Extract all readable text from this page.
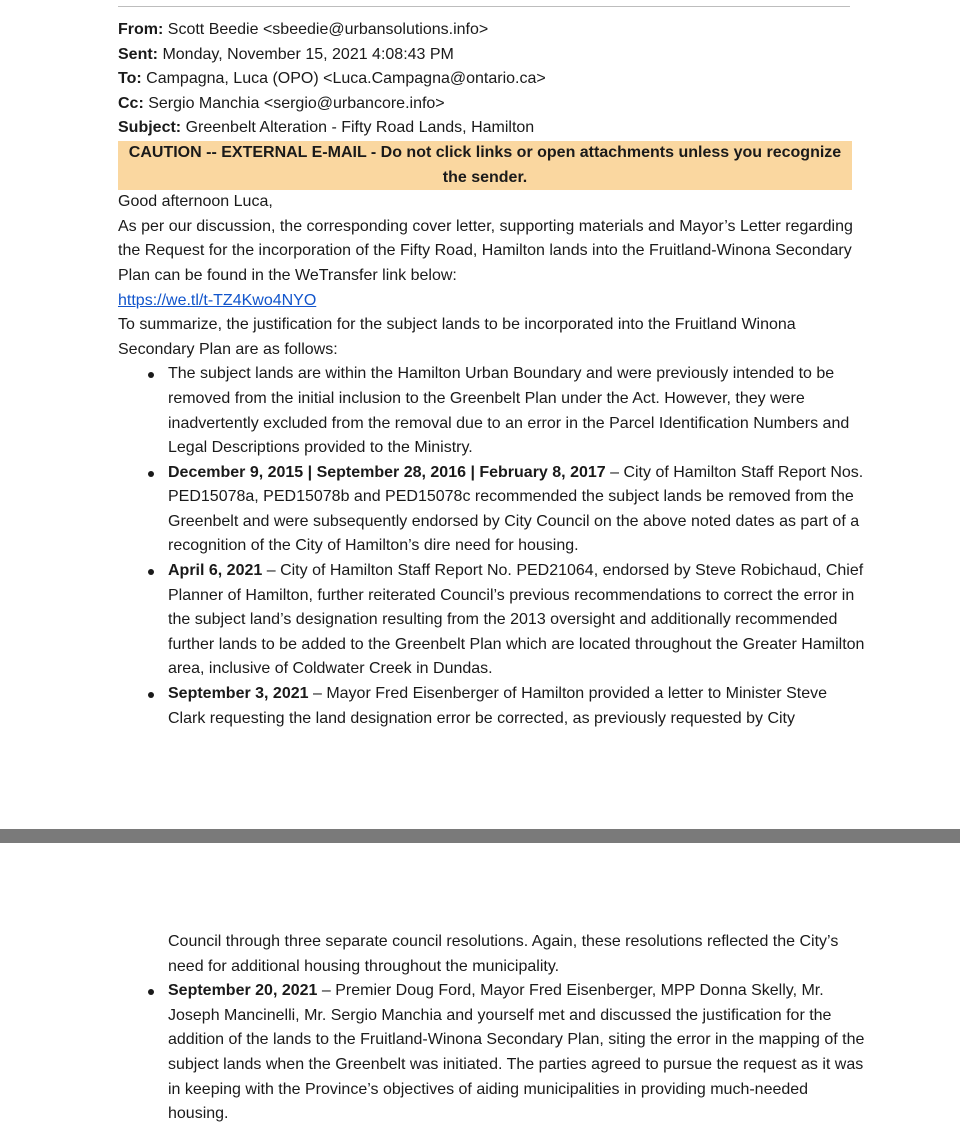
From: Scott Beedie <sbeedie@urbansolutions.info>
Sent: Monday, November 15, 2021 4:08:43 PM
To: Campagna, Luca (OPO) <Luca.Campagna@ontario.ca>
Cc: Sergio Manchia <sergio@urbancore.info>
Subject: Greenbelt Alteration - Fifty Road Lands, Hamilton
CAUTION -- EXTERNAL E-MAIL - Do not click links or open attachments unless you recognize the sender.

Good afternoon Luca,

As per our discussion, the corresponding cover letter, supporting materials and Mayor’s Letter regarding the Request for the incorporation of the Fifty Road, Hamilton lands into the Fruitland-Winona Secondary Plan can be found in the WeTransfer link below:

https://we.tl/t-TZ4Kwo4NYO

To summarize, the justification for the subject lands to be incorporated into the Fruitland Winona Secondary Plan are as follows:

The subject lands are within the Hamilton Urban Boundary and were previously intended to be removed from the initial inclusion to the Greenbelt Plan under the Act. However, they were inadvertently excluded from the removal due to an error in the Parcel Identification Numbers and Legal Descriptions provided to the Ministry.
December 9, 2015 | September 28, 2016 | February 8, 2017 – City of Hamilton Staff Report Nos. PED15078a, PED15078b and PED15078c recommended the subject lands be removed from the Greenbelt and were subsequently endorsed by City Council on the above noted dates as part of a recognition of the City of Hamilton’s dire need for housing.
April 6, 2021 – City of Hamilton Staff Report No. PED21064, endorsed by Steve Robichaud, Chief Planner of Hamilton, further reiterated Council’s previous recommendations to correct the error in the subject land’s designation resulting from the 2013 oversight and additionally recommended further lands to be added to the Greenbelt Plan which are located throughout the Greater Hamilton area, inclusive of Coldwater Creek in Dundas.
September 3, 2021 – Mayor Fred Eisenberger of Hamilton provided a letter to Minister Steve Clark requesting the land designation error be corrected, as previously requested by City

Council through three separate council resolutions. Again, these resolutions reflected the City’s need for additional housing throughout the municipality.

September 20, 2021 – Premier Doug Ford, Mayor Fred Eisenberger, MPP Donna Skelly, Mr. Joseph Mancinelli, Mr. Sergio Manchia and yourself met and discussed the justification for the addition of the lands to the Fruitland-Winona Secondary Plan, siting the error in the mapping of the subject lands when the Greenbelt was initiated. The parties agreed to pursue the request as it was in keeping with the Province’s objectives of aiding municipalities in providing much-needed housing.
